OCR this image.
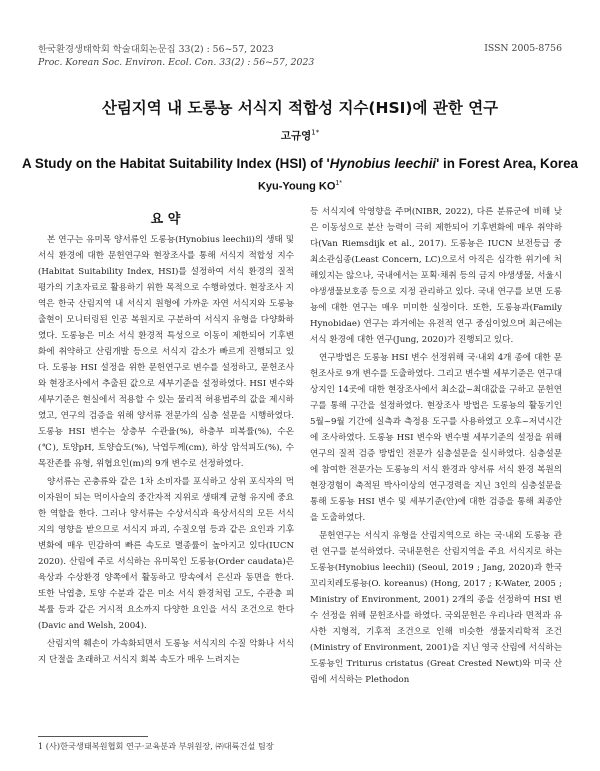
한국환경생태학회 학술대회논문집 33(2) : 56~57, 2023
Proc. Korean Soc. Environ. Ecol. Con. 33(2) : 56~57, 2023
ISSN 2005-8756
산림지역 내 도롱뇽 서식지 적합성 지수(HSI)에 관한 연구
고규영$^{1*}$
A Study on the Habitat Suitability Index (HSI) of 'Hynobius leechii' in Forest Area, Korea
Kyu-Young $KO^{1*}$
요 약

본 연구는 유미목 양서류인 도롱뇽(Hynobius leechii)의 생태 및 서식 환경에 대한 문헌연구와 현장조사를 통해 서식지 적합성 지수(Habitat Suitability Index, HSI)를 설정하여 서식 환경의 질적 평가의 기초자료로 활용하기 위한 목적으로 수행하였다. 현장조사 지역은 한국 산림지역 내 서식지 원형에 가까운 자연 서식지와 도롱뇽 출현이 모니터링된 인공 복원지로 구분하여 서식지 유형을 다양화하였다. 도롱뇽은 미소 서식 환경적 특성으로 이동이 제한되어 기후변화에 취약하고 산림개발 등으로 서식지 감소가 빠르게 진행되고 있다. 도롱뇽 HSI 설정을 위한 문헌연구로 변수를 설정하고, 문헌조사와 현장조사에서 추출된 값으로 세부기준을 설정하였다. HSI 변수와 세부기준은 현실에서 적용할 수 있는 물리적 허용범주의 값을 제시하였고, 연구의 검증을 위해 양서류 전문가의 심층 설문을 시행하였다. 도롱뇽 HSI 변수는 상층부 수관율(%), 하층부 피복률(%), 수온(℃), 토양pH, 토양습도(%), 낙엽두께(cm), 하상 암석피도(%), 수목잔존률 유형, 위협요인(m)의 9개 변수로 선정하였다.

양서류는 곤충류와 같은 1차 소비자를 포식하고 상위 포식자의 먹이자원이 되는 먹이사슬의 중간자적 지위로 생태계 균형 유지에 중요한 역할을 한다. 그러나 양서류는 수상서식과 육상서식의 모든 서식지의 영향을 받으므로 서식지 파괴, 수질오염 등과 같은 요인과 기후변화에 매우 민감하여 빠른 속도로 멸종률이 높아지고 있다(IUCN 2020). 산림에 주로 서식하는 유미목인 도롱뇽(Order caudata)은 육상과 수상환경 양쪽에서 활동하고 땅속에서 은신과 동면을 한다. 또한 낙엽층, 토양 수분과 같은 미소 서식 환경처럼 고도, 수관층 피복률 등과 같은 거시적 요소까지 다양한 요인을 서식 조건으로 한다(Davic and Welsh, 2004).

산림지역 훼손이 가속화되면서 도롱뇽 서식지의 수질 악화나 서식지 단절을 초래하고 서식지 회복 속도가 매우 느려지는

등 서식지에 악영향을 주며(NIBR, 2022), 다른 분류군에 비해 낮은 이동성으로 분산 능력이 극히 제한되어 기후변화에 매우 취약하다(Van Riemsdijk et al., 2017). 도롱뇽은 IUCN 보전등급 중 최소관심종(Least Concern, LC)으로서 아직은 심각한 위기에 처해있지는 않으나, 국내에서는 포획·채취 등의 금지 야생생물, 서울시 야생생물보호종 등으로 지정 관리하고 있다. 국내 연구를 보면 도롱뇽에 대한 연구는 매우 미미한 실정이다. 또한, 도롱뇽과(Family Hynobidae) 연구는 과거에는 유전적 연구 중심이었으며 최근에는 서식 환경에 대한 연구(Jung, 2020)가 진행되고 있다.

연구방법은 도롱뇽 HSI 변수 선정위해 국·내외 4개 종에 대한 문헌조사로 9개 변수를 도출하였다. 그리고 변수별 세부기준은 연구대상지인 14곳에 대한 현장조사에서 최소값~최대값을 구하고 문헌연구를 통해 구간을 설정하였다. 현장조사 방법은 도롱뇽의 활동기인 5월~9월 기간에 실측과 측정용 도구를 사용하였고 오후~저녁시간에 조사하였다. 도롱뇽 HSI 변수와 변수별 세부기준의 설정을 위해 연구의 질적 검증 방법인 전문가 심층설문을 실시하였다. 심층설문에 참여한 전문가는 도롱뇽의 서식 환경과 양서류 서식 환경 복원의 현장경험이 축적된 박사이상의 연구경력을 지닌 3인의 심층설문을 통해 도롱뇽 HSI 변수 및 세부기준(안)에 대한 검증을 통해 최종안을 도출하였다.

문헌연구는 서식지 유형을 산림지역으로 하는 국·내외 도롱뇽 관련 연구를 분석하였다. 국내문헌은 산림지역을 주요 서식지로 하는 도롱뇽(Hynobius leechii) (Seoul, 2019 ; Jang, 2020)과 한국꼬리치레도롱뇽(O. koreanus) (Hong, 2017 ; K-Water, 2005 ; Ministry of Environment, 2001) 2개의 종을 선정하여 HSI 변수 선정을 위해 문헌조사를 하였다. 국외문헌은 우리나라 면적과 유사한 지형적, 기후적 조건으로 인해 비슷한 생물지리학적 조건(Ministry of Environment, 2001)을 지닌 영국 산림에 서식하는 도롱뇽인 Triturus cristatus (Great Crested Newt)와 미국 산림에 서식하는 Plethodon

1 (사)한국생태복원협회 연구·교육분과 부위원장, ㈜대륙건설 팀장
